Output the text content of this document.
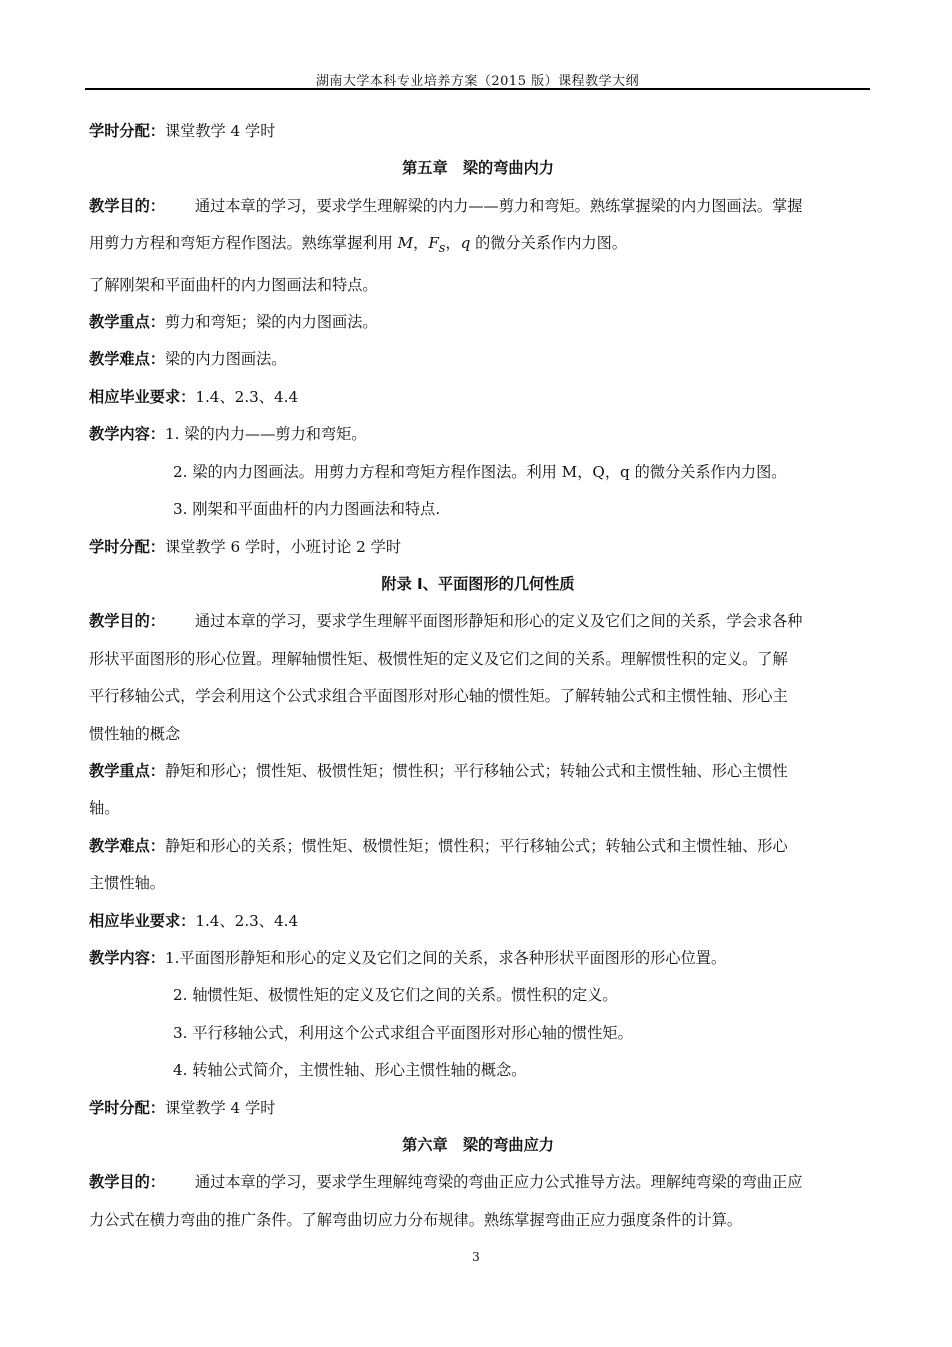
湖南大学本科专业培养方案（2015 版）课程教学大纲
学时分配：课堂教学 4 学时
第五章　梁的弯曲内力
教学目的： 通过本章的学习，要求学生理解梁的内力——剪力和弯矩。熟练掌握梁的内力图画法。掌握
用剪力方程和弯矩方程作图法。熟练掌握利用 M，$F_s$，q 的微分关系作内力图。
了解刚架和平面曲杆的内力图画法和特点。
教学重点：剪力和弯矩；梁的内力图画法。
教学难点：梁的内力图画法。
相应毕业要求：1.4、2.3、4.4
教学内容：1. 梁的内力——剪力和弯矩。
2. 梁的内力图画法。用剪力方程和弯矩方程作图法。利用 M，Q，q 的微分关系作内力图。
3. 刚架和平面曲杆的内力图画法和特点.
学时分配：课堂教学 6 学时，小班讨论 2 学时
附录 I、平面图形的几何性质
教学目的： 通过本章的学习，要求学生理解平面图形静矩和形心的定义及它们之间的关系，学会求各种
形状平面图形的形心位置。理解轴惯性矩、极惯性矩的定义及它们之间的关系。理解惯性积的定义。了解
平行移轴公式，学会利用这个公式求组合平面图形对形心轴的惯性矩。了解转轴公式和主惯性轴、形心主
惯性轴的概念
教学重点：静矩和形心；惯性矩、极惯性矩；惯性积；平行移轴公式；转轴公式和主惯性轴、形心主惯性
轴。
教学难点：静矩和形心的关系；惯性矩、极惯性矩；惯性积；平行移轴公式；转轴公式和主惯性轴、形心
主惯性轴。
相应毕业要求：1.4、2.3、4.4
教学内容：1.平面图形静矩和形心的定义及它们之间的关系，求各种形状平面图形的形心位置。
2. 轴惯性矩、极惯性矩的定义及它们之间的关系。惯性积的定义。
3. 平行移轴公式，利用这个公式求组合平面图形对形心轴的惯性矩。
4. 转轴公式简介，主惯性轴、形心主惯性轴的概念。
学时分配：课堂教学 4 学时
第六章　梁的弯曲应力
教学目的： 通过本章的学习，要求学生理解纯弯梁的弯曲正应力公式推导方法。理解纯弯梁的弯曲正应
力公式在横力弯曲的推广条件。了解弯曲切应力分布规律。熟练掌握弯曲正应力强度条件的计算。
3
